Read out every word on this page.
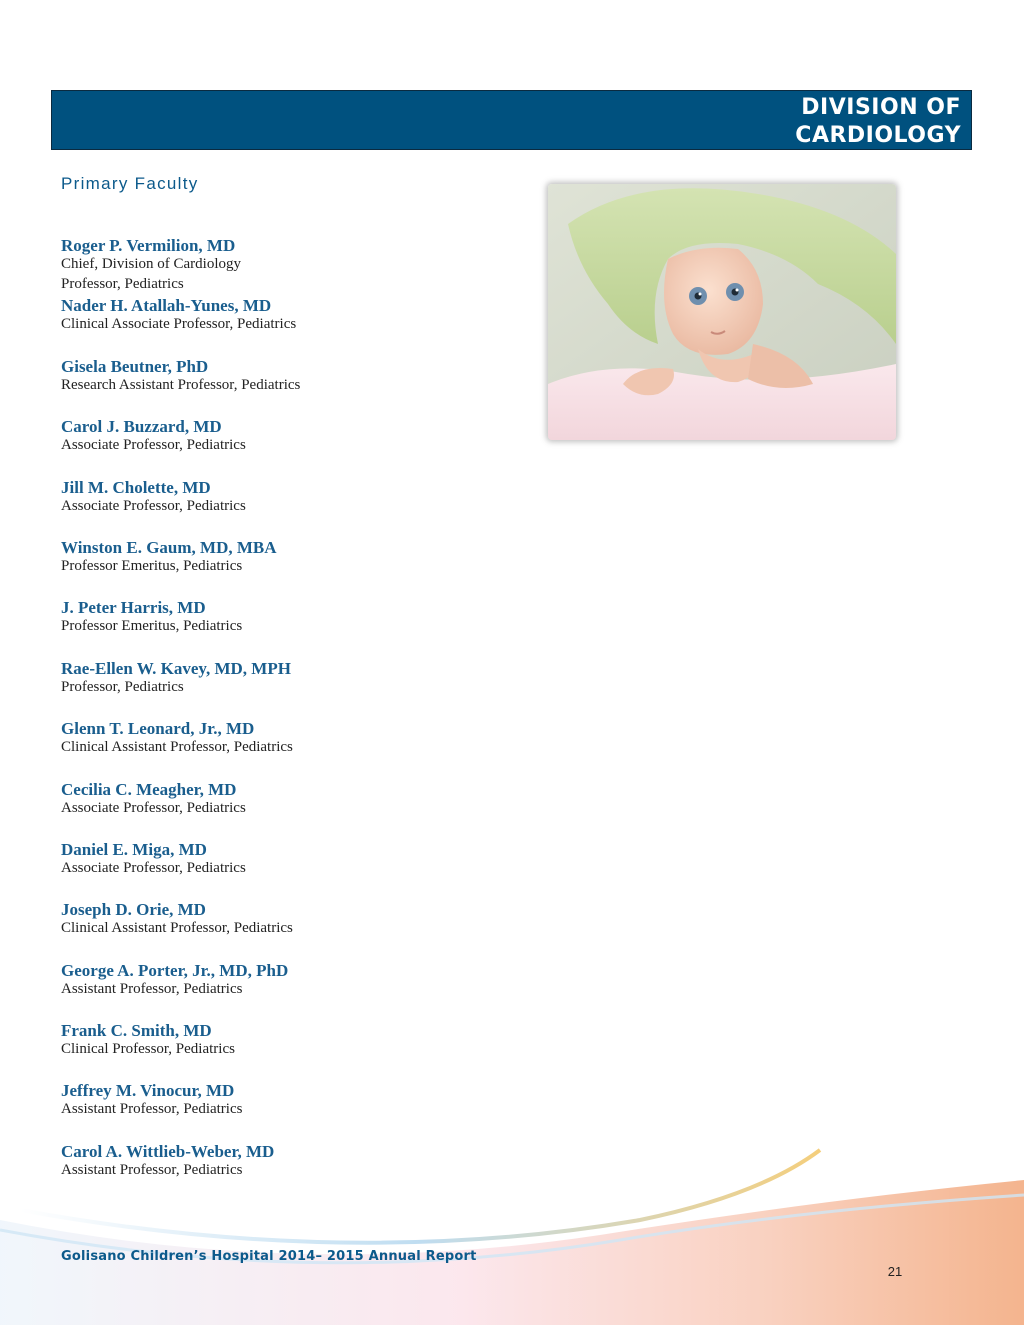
DIVISION OF
CARDIOLOGY
Primary Faculty
Roger P. Vermilion, MD
Chief, Division of Cardiology
Professor, Pediatrics
Nader H. Atallah-Yunes, MD
Clinical Associate Professor, Pediatrics
Gisela Beutner, PhD
Research Assistant Professor, Pediatrics
Carol J. Buzzard, MD
Associate Professor, Pediatrics
Jill M. Cholette, MD
Associate Professor, Pediatrics
Winston E. Gaum, MD, MBA
Professor Emeritus, Pediatrics
J. Peter Harris, MD
Professor Emeritus, Pediatrics
Rae-Ellen W. Kavey, MD, MPH
Professor, Pediatrics
Glenn T. Leonard, Jr., MD
Clinical Assistant Professor, Pediatrics
Cecilia C. Meagher, MD
Associate Professor, Pediatrics
Daniel E. Miga, MD
Associate Professor, Pediatrics
Joseph D. Orie, MD
Clinical Assistant Professor, Pediatrics
George A. Porter, Jr., MD, PhD
Assistant Professor, Pediatrics
Frank C. Smith, MD
Clinical Professor, Pediatrics
Jeffrey M. Vinocur, MD
Assistant Professor, Pediatrics
Carol A. Wittlieb-Weber, MD
Assistant Professor, Pediatrics
Golisano Children’s Hospital 2014– 2015 Annual Report
21
